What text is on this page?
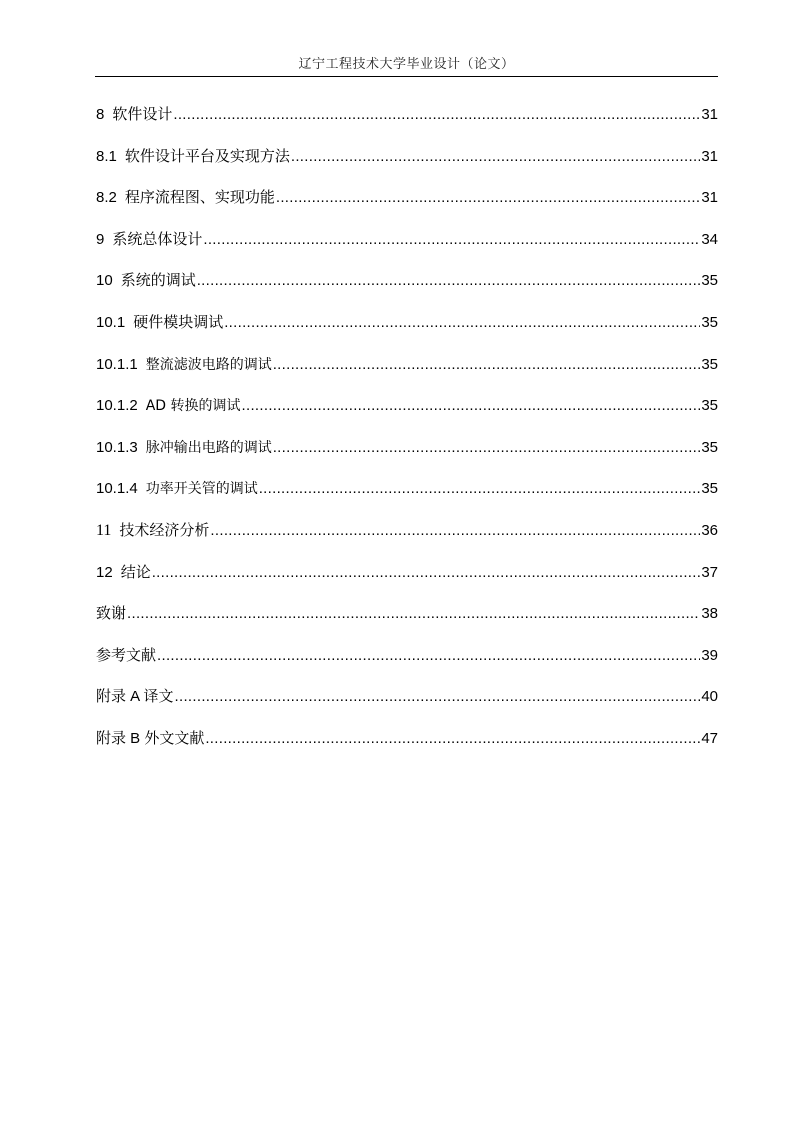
辽宁工程技术大学毕业设计（论文）
8 软件设计 .....	31
8.1 软件设计平台及实现方法 .....	31
8.2 程序流程图、实现功能 .....	31
9 系统总体设计 .....	34
10 系统的调试 .....	35
10.1 硬件模块调试 .....	35
10.1.1 整流滤波电路的调试 .....	35
10.1.2 AD 转换的调试 .....	35
10.1.3 脉冲输出电路的调试 .....	35
10.1.4 功率开关管的调试 .....	35
11 技术经济分析 .....	36
12 结论 .....	37
致谢 .....	38
参考文献 .....	39
附录 A 译文 .....	40
附录 B 外文文献 .....	47
